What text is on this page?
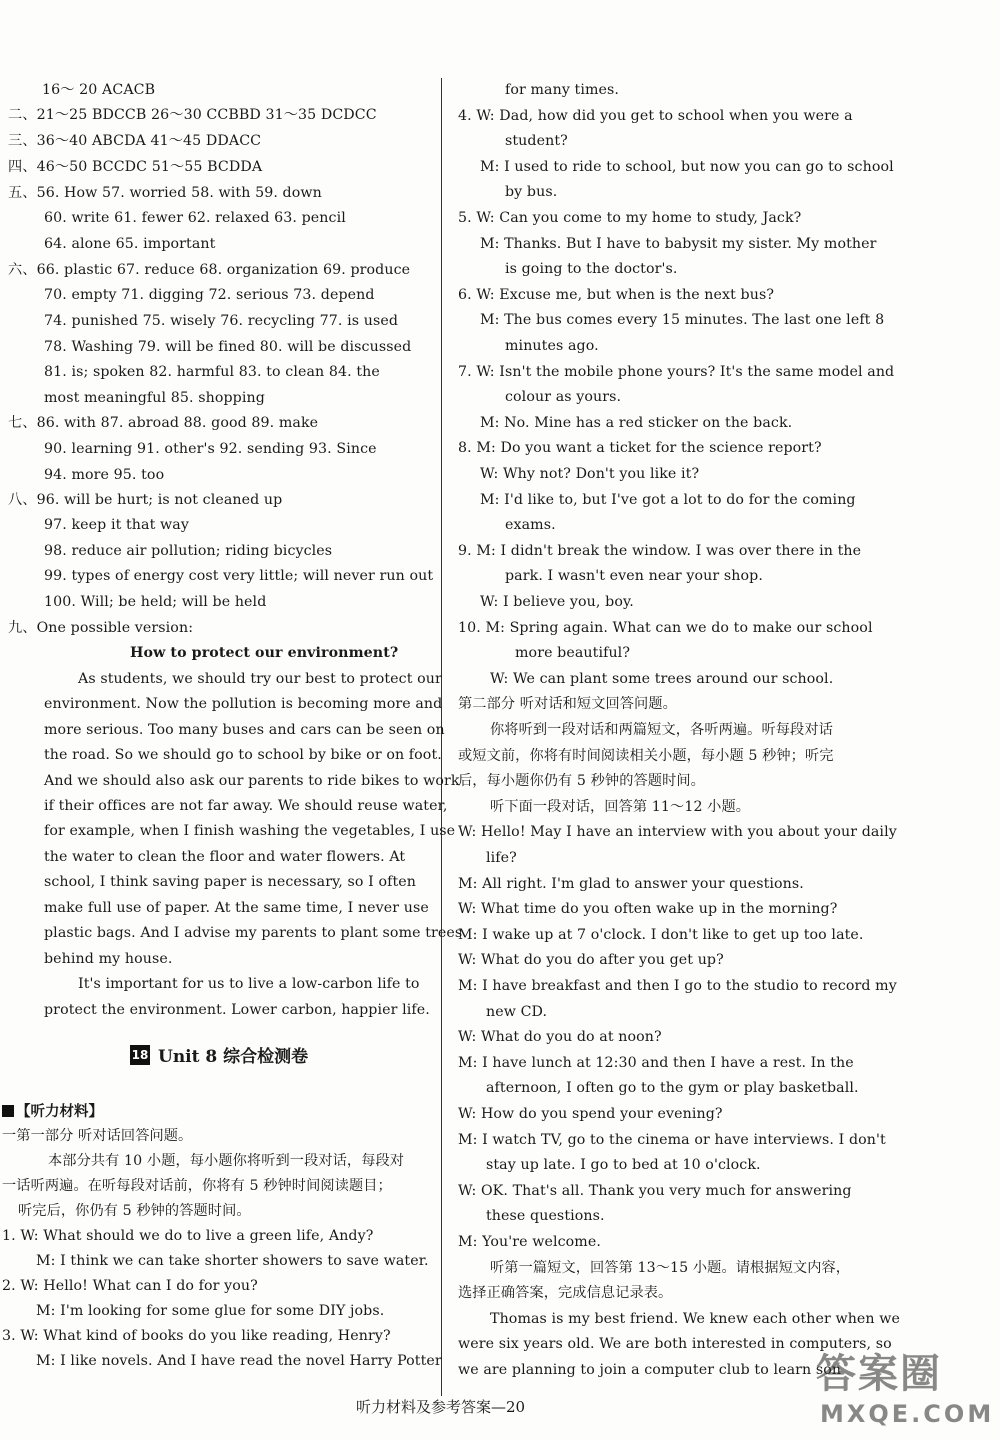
16～ 20 ACACB
二、21～25 BDCCB 26～30 CCBBD 31～35 DCDCC
三、36～40 ABCDA 41～45 DDACC
四、46～50 BCCDC 51～55 BCDDA
五、56. How 57. worried 58. with 59. down
60. write 61. fewer 62. relaxed 63. pencil
64. alone 65. important
六、66. plastic 67. reduce 68. organization 69. produce
70. empty 71. digging 72. serious 73. depend
74. punished 75. wisely 76. recycling 77. is used
78. Washing 79. will be fined 80. will be discussed
81. is; spoken 82. harmful 83. to clean 84. the
most meaningful 85. shopping
七、86. with 87. abroad 88. good 89. make
90. learning 91. other's 92. sending 93. Since
94. more 95. too
八、96. will be hurt; is not cleaned up
97. keep it that way
98. reduce air pollution; riding bicycles
99. types of energy cost very little; will never run out
100. Will; be held; will be held
九、One possible version:
How to protect our environment?
As students, we should try our best to protect our
environment. Now the pollution is becoming more and
more serious. Too many buses and cars can be seen on
the road. So we should go to school by bike or on foot.
And we should also ask our parents to ride bikes to work
if their offices are not far away. We should reuse water,
for example, when I finish washing the vegetables, I use
the water to clean the floor and water flowers. At
school, I think saving paper is necessary, so I often
make full use of paper. At the same time, I never use
plastic bags. And I advise my parents to plant some trees
behind my house.
It's important for us to live a low-carbon life to
protect the environment. Lower carbon, happier life.
18 Unit 8 综合检测卷
【听力材料】
一第一部分 听对话回答问题。
本部分共有 10 小题，每小题你将听到一段对话，每段对
一话听两遍。在听每段对话前，你将有 5 秒钟时间阅读题目；
听完后，你仍有 5 秒钟的答题时间。
1. W: What should we do to live a green life, Andy?
M: I think we can take shorter showers to save water.
2. W: Hello! What can I do for you?
M: I'm looking for some glue for some DIY jobs.
3. W: What kind of books do you like reading, Henry?
M: I like novels. And I have read the novel Harry Potter
for many times.
4. W: Dad, how did you get to school when you were a
student?
M: I used to ride to school, but now you can go to school
by bus.
5. W: Can you come to my home to study, Jack?
M: Thanks. But I have to babysit my sister. My mother
is going to the doctor's.
6. W: Excuse me, but when is the next bus?
M: The bus comes every 15 minutes. The last one left 8
minutes ago.
7. W: Isn't the mobile phone yours? It's the same model and
colour as yours.
M: No. Mine has a red sticker on the back.
8. M: Do you want a ticket for the science report?
W: Why not? Don't you like it?
M: I'd like to, but I've got a lot to do for the coming
exams.
9. M: I didn't break the window. I was over there in the
park. I wasn't even near your shop.
W: I believe you, boy.
10. M: Spring again. What can we do to make our school
more beautiful?
W: We can plant some trees around our school.
第二部分 听对话和短文回答问题。
你将听到一段对话和两篇短文，各听两遍。听每段对话
或短文前，你将有时间阅读相关小题，每小题 5 秒钟；听完
后，每小题你仍有 5 秒钟的答题时间。
听下面一段对话，回答第 11～12 小题。
W: Hello! May I have an interview with you about your daily
life?
M: All right. I'm glad to answer your questions.
W: What time do you often wake up in the morning?
M: I wake up at 7 o'clock. I don't like to get up too late.
W: What do you do after you get up?
M: I have breakfast and then I go to the studio to record my
new CD.
W: What do you do at noon?
M: I have lunch at 12:30 and then I have a rest. In the
afternoon, I often go to the gym or play basketball.
W: How do you spend your evening?
M: I watch TV, go to the cinema or have interviews. I don't
stay up late. I go to bed at 10 o'clock.
W: OK. That's all. Thank you very much for answering
these questions.
M: You're welcome.
听第一篇短文，回答第 13～15 小题。请根据短文内容，
选择正确答案，完成信息记录表。
Thomas is my best friend. We knew each other when we
were six years old. We are both interested in computers, so
we are planning to join a computer club to learn son
听力材料及参考答案—20
答案圈
MXQE.COM
